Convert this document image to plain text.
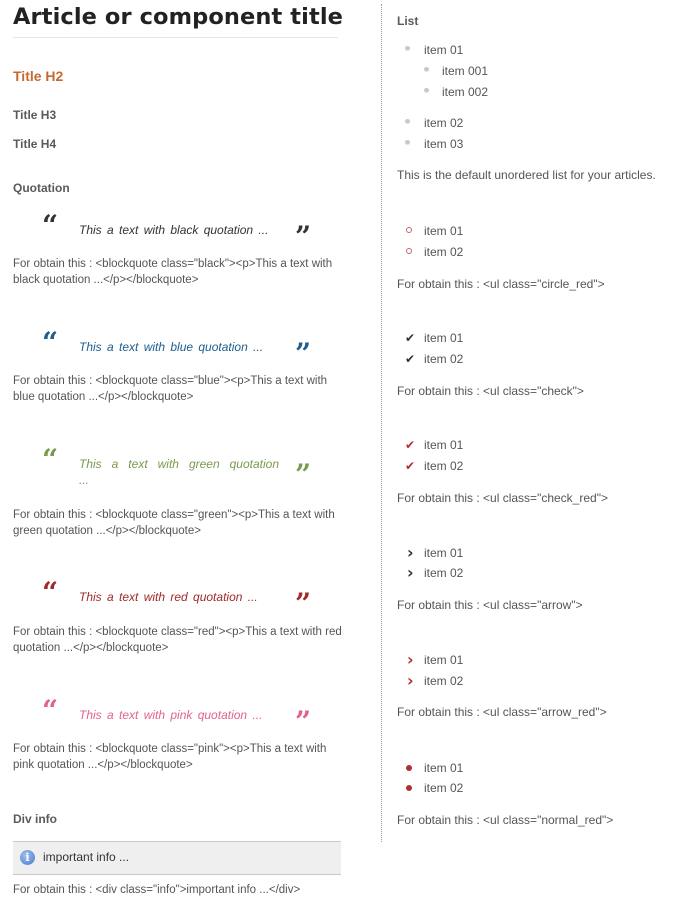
Article or component title
Title H2
Title H3
Title H4
Quotation
“ This a text with black quotation ... ”
For obtain this : <blockquote class="black"><p>This a text with black quotation ...</p></blockquote>
“ This a text with blue quotation ... ”
For obtain this : <blockquote class="blue"><p>This a text with blue quotation ...</p></blockquote>
“ This a text with green quotation ...	”
For obtain this : <blockquote class="green"><p>This a text with green quotation ...</p></blockquote>
“ This a text with red quotation ... ”
For obtain this : <blockquote class="red"><p>This a text with red quotation ...</p></blockquote>
“ This a text with pink quotation ... ”
For obtain this : <blockquote class="pink"><p>This a text with pink quotation ...</p></blockquote>
Div info
i	important info ...
For obtain this : <div class="info">important info ...</div>
List
item 01
item 001
item 002
item 02
item 03
This is the default unordered list for your articles.
item 01
item 02
For obtain this : <ul class="circle_red">
✔ item 01
✔ item 02
For obtain this : <ul class="check">
✔ item 01
✔ item 02
For obtain this : <ul class="check_red">
› item 01
› item 02
For obtain this : <ul class="arrow">
› item 01
› item 02
For obtain this : <ul class="arrow_red">
item 01
item 02
For obtain this : <ul class="normal_red">
